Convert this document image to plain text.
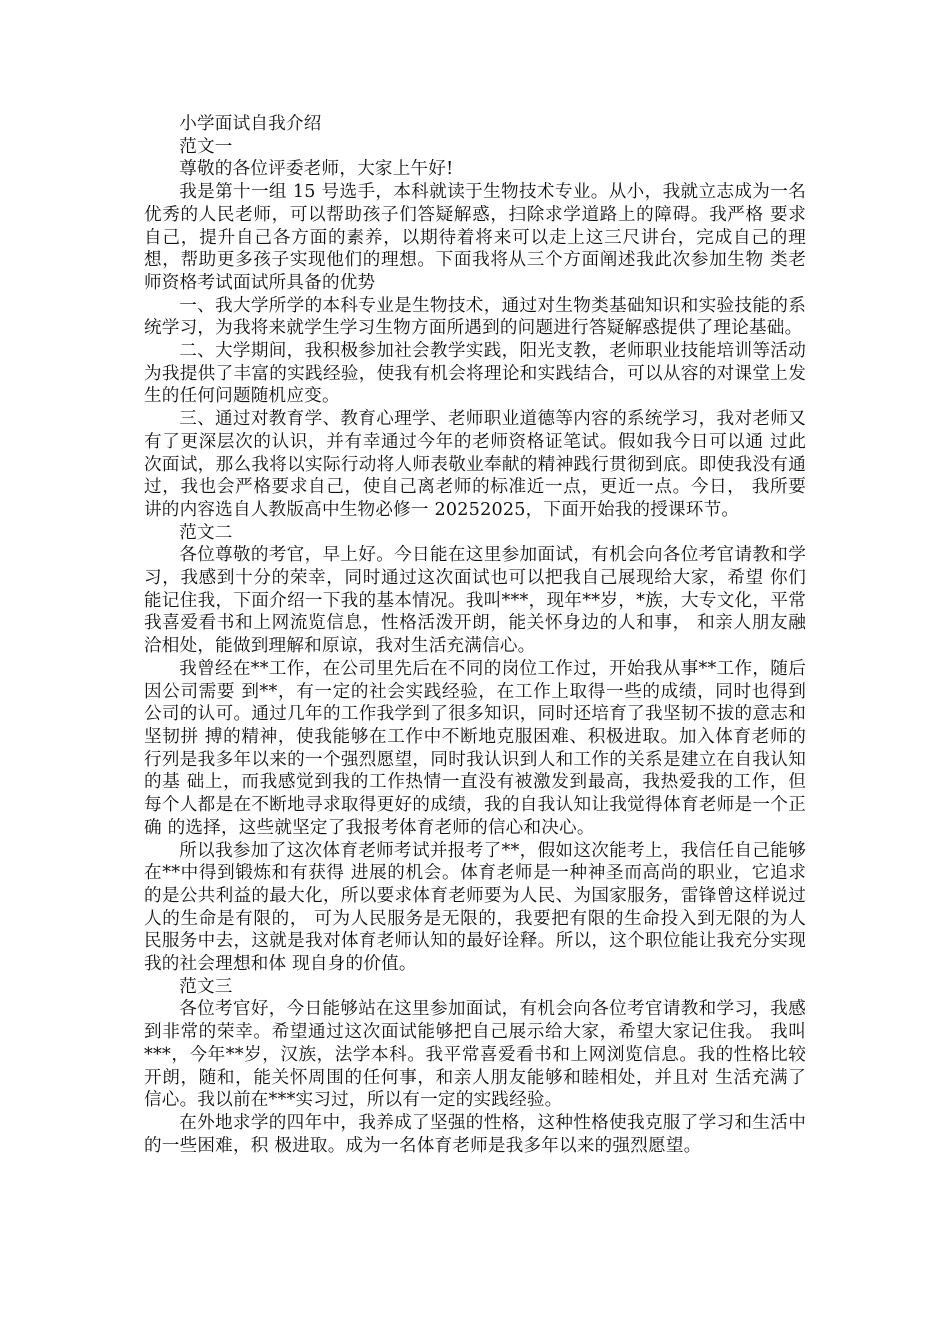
小学面试自我介绍

范文一

尊敬的各位评委老师，大家上午好!

我是第十一组 15 号选手，本科就读于生物技术专业。从小，我就立志成为一名优秀的人民老师，可以帮助孩子们答疑解惑，扫除求学道路上的障碍。我严格 要求自己，提升自己各方面的素养，以期待着将来可以走上这三尺讲台，完成自己的理想，帮助更多孩子实现他们的理想。下面我将从三个方面阐述我此次参加生物 类老师资格考试面试所具备的优势

一、我大学所学的本科专业是生物技术，通过对生物类基础知识和实验技能的系统学习，为我将来就学生学习生物方面所遇到的问题进行答疑解惑提供了理论基础。

二、大学期间，我积极参加社会教学实践，阳光支教，老师职业技能培训等活动为我提供了丰富的实践经验，使我有机会将理论和实践结合，可以从容的对课堂上发生的任何问题随机应变。

三、通过对教育学、教育心理学、老师职业道德等内容的系统学习，我对老师又有了更深层次的认识，并有幸通过今年的老师资格证笔试。假如我今日可以通 过此次面试，那么我将以实际行动将人师表敬业奉献的精神践行贯彻到底。即使我没有通过，我也会严格要求自己，使自己离老师的标准近一点，更近一点。今日， 我所要讲的内容选自人教版高中生物必修一 20252025，下面开始我的授课环节。

范文二

各位尊敬的考官，早上好。今日能在这里参加面试，有机会向各位考官请教和学习，我感到十分的荣幸，同时通过这次面试也可以把我自己展现给大家，希望 你们能记住我，下面介绍一下我的基本情况。我叫***，现年**岁，*族，大专文化，平常我喜爱看书和上网流览信息，性格活泼开朗，能关怀身边的人和事， 和亲人朋友融洽相处，能做到理解和原谅，我对生活充满信心。

我曾经在**工作，在公司里先后在不同的岗位工作过，开始我从事**工作，随后因公司需要 到**，有一定的社会实践经验，在工作上取得一些的成绩，同时也得到公司的认可。通过几年的工作我学到了很多知识，同时还培育了我坚韧不拔的意志和坚韧拼 搏的精神，使我能够在工作中不断地克服困难、积极进取。加入体育老师的行列是我多年以来的一个强烈愿望，同时我认识到人和工作的关系是建立在自我认知的基 础上，而我感觉到我的工作热情一直没有被激发到最高，我热爱我的工作，但每个人都是在不断地寻求取得更好的成绩，我的自我认知让我觉得体育老师是一个正确 的选择，这些就坚定了我报考体育老师的信心和决心。

所以我参加了这次体育老师考试并报考了**，假如这次能考上，我信任自己能够在**中得到锻炼和有获得 进展的机会。体育老师是一种神圣而高尚的职业，它追求的是公共利益的最大化，所以要求体育老师要为人民、为国家服务，雷锋曾这样说过人的生命是有限的， 可为人民服务是无限的，我要把有限的生命投入到无限的为人民服务中去，这就是我对体育老师认知的最好诠释。所以，这个职位能让我充分实现我的社会理想和体 现自身的价值。

范文三

各位考官好，今日能够站在这里参加面试，有机会向各位考官请教和学习，我感到非常的荣幸。希望通过这次面试能够把自己展示给大家，希望大家记住我。 我叫***，今年**岁，汉族，法学本科。我平常喜爱看书和上网浏览信息。我的性格比较开朗，随和，能关怀周围的任何事，和亲人朋友能够和睦相处，并且对 生活充满了信心。我以前在***实习过，所以有一定的实践经验。

在外地求学的四年中，我养成了坚强的性格，这种性格使我克服了学习和生活中的一些困难，积 极进取。成为一名体育老师是我多年以来的强烈愿望。
